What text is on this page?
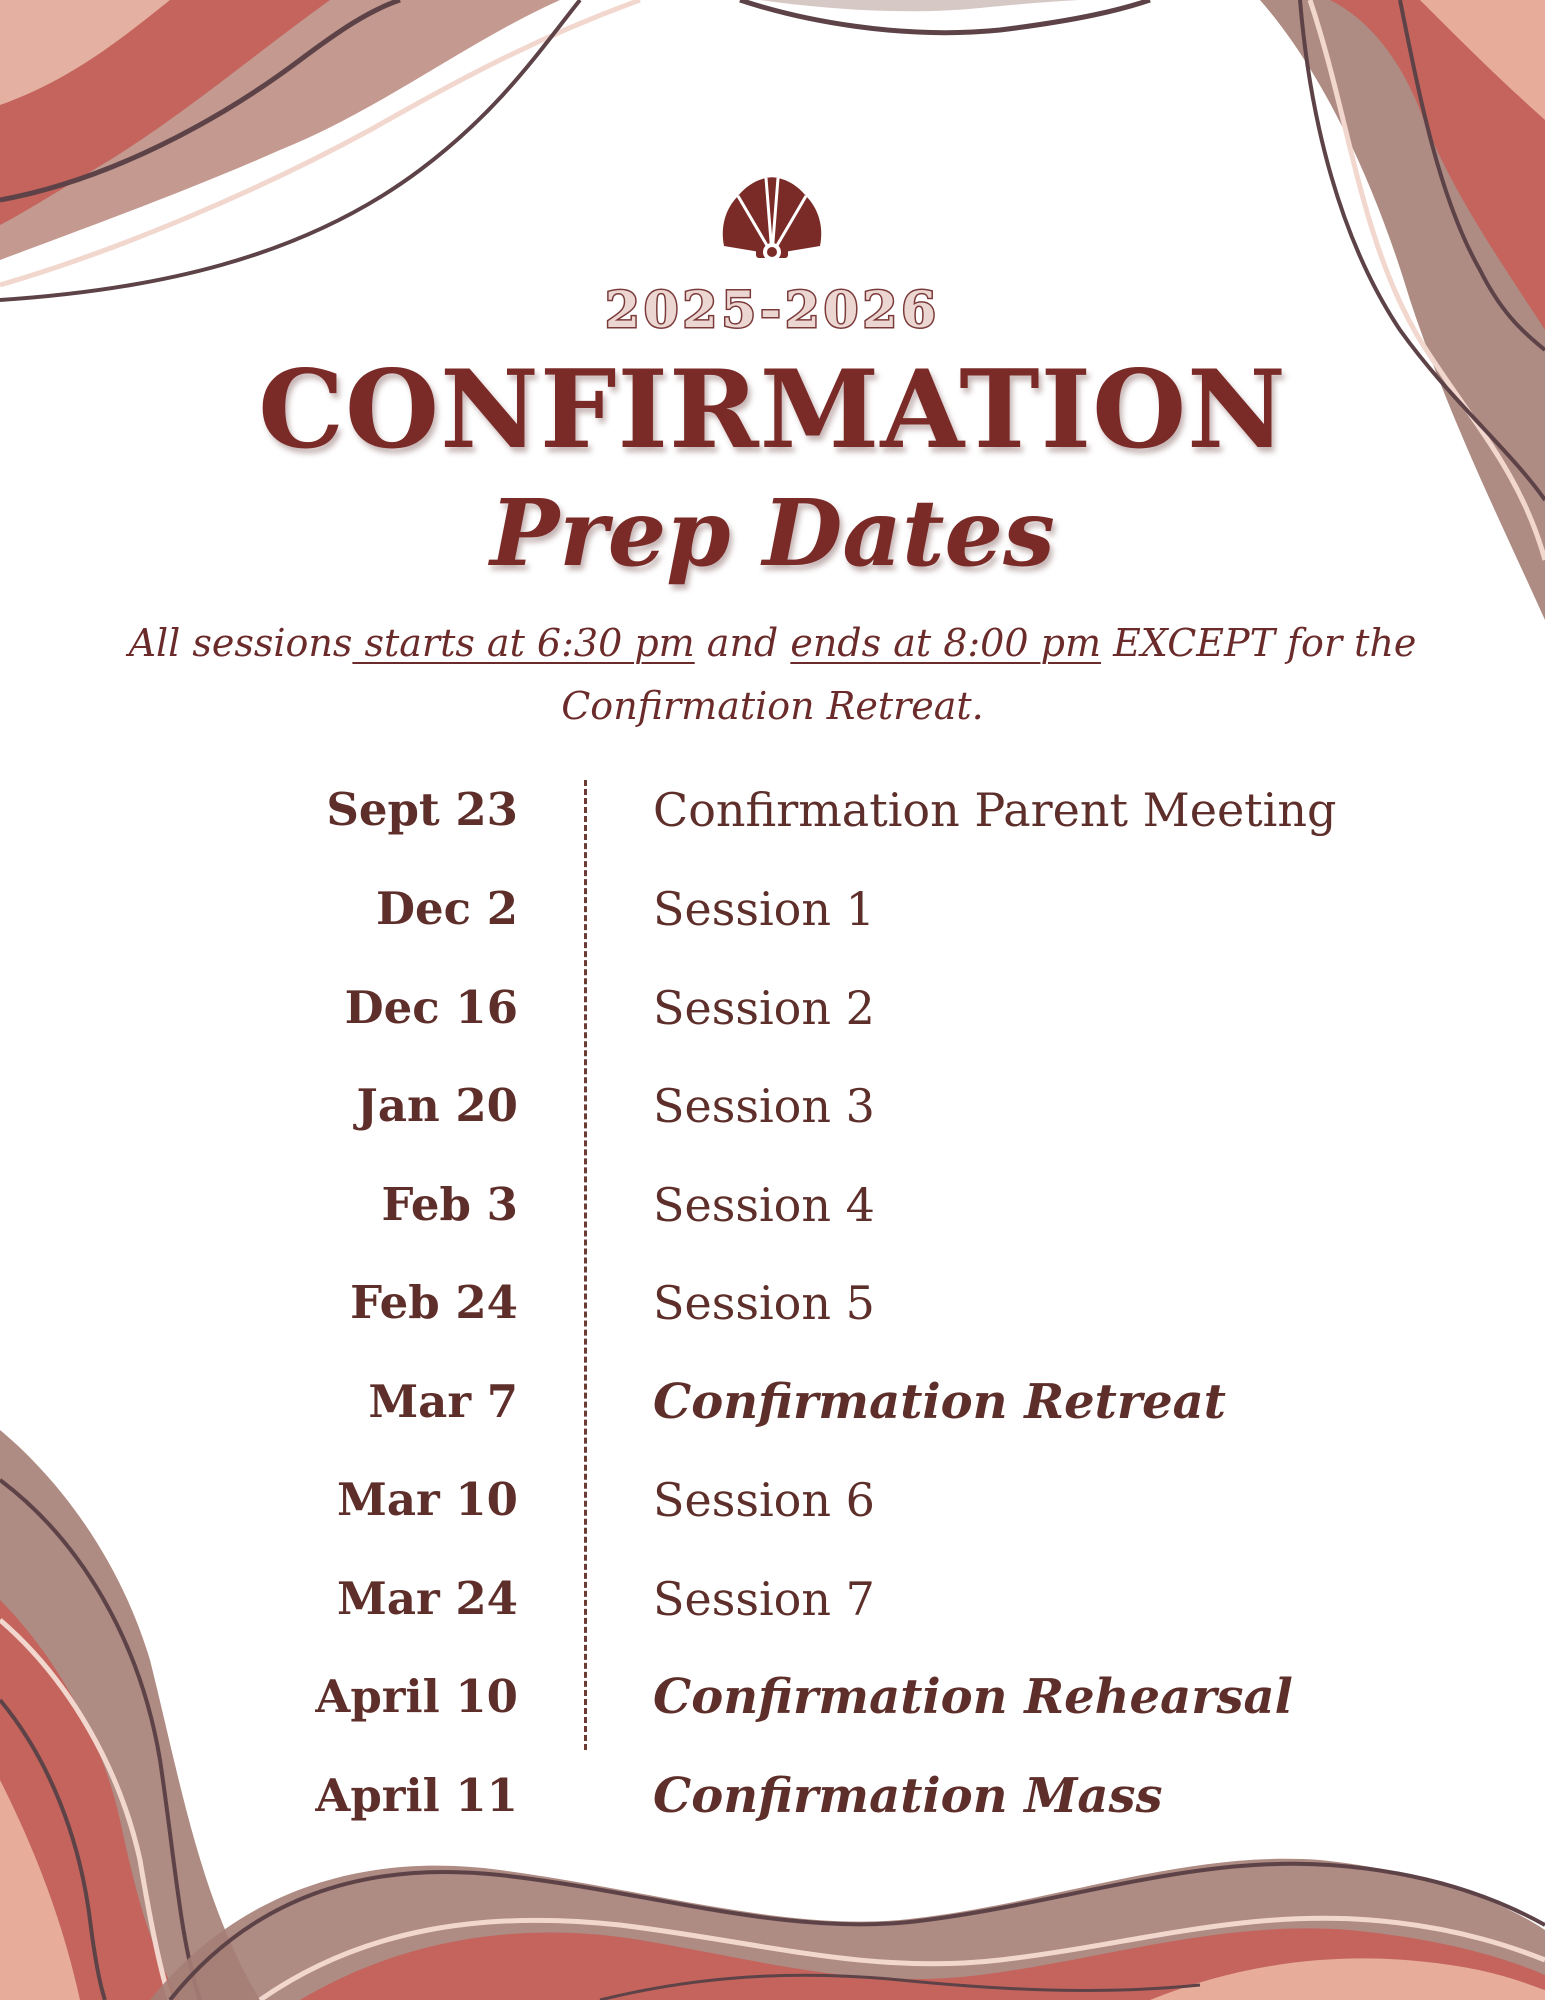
2025-2026
CONFIRMATION
Prep Dates
All sessions starts at 6:30 pm and ends at 8:00 pm EXCEPT for the Confirmation Retreat.
Sept 23	Confirmation Parent Meeting
Dec 2	Session 1
Dec 16	Session 2
Jan 20	Session 3
Feb 3	Session 4
Feb 24	Session 5
Mar 7	Confirmation Retreat
Mar 10	Session 6
Mar 24	Session 7
April 10	Confirmation Rehearsal
April 11	Confirmation Mass
